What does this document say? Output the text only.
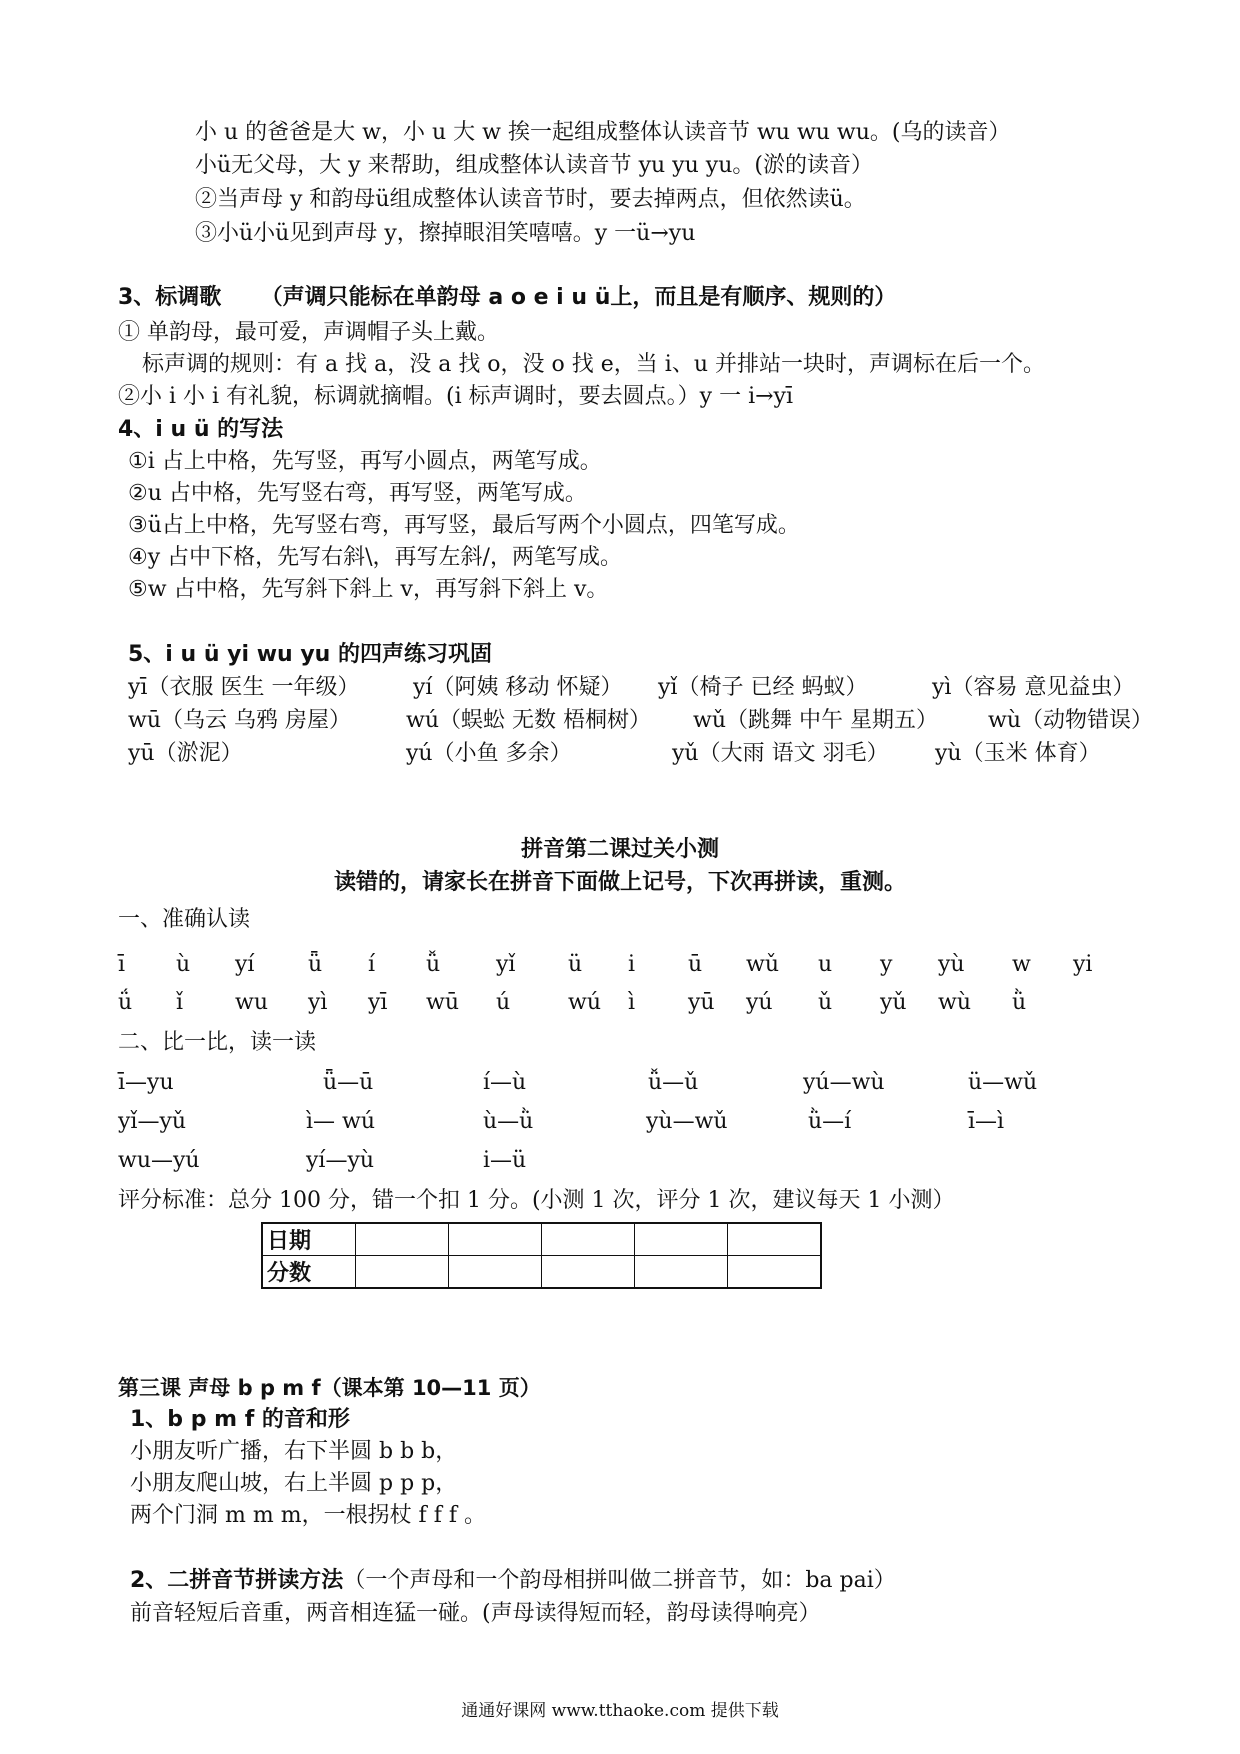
小 u 的爸爸是大 w，小 u 大 w 挨一起组成整体认读音节 wu wu wu。(乌的读音）
小ü无父母，大 y 来帮助，组成整体认读音节 yu yu yu。(淤的读音）
②当声母 y 和韵母ü组成整体认读音节时，要去掉两点，但依然读ü。
③小ü小ü见到声母 y，擦掉眼泪笑嘻嘻。y 一ü→yu
3、标调歌 （声调只能标在单韵母 a o e i u ü上，而且是有顺序、规则的）
① 单韵母，最可爱，声调帽子头上戴。
标声调的规则：有 a 找 a，没 a 找 o，没 o 找 e，当 i、u 并排站一块时，声调标在后一个。
②小 i 小 i 有礼貌，标调就摘帽。(i 标声调时，要去圆点。）y 一 i→yī
4、i u ü 的写法
①i 占上中格，先写竖，再写小圆点，两笔写成。
②u 占中格，先写竖右弯，再写竖，两笔写成。
③ü占上中格，先写竖右弯，再写竖，最后写两个小圆点，四笔写成。
④y 占中下格，先写右斜\，再写左斜/，两笔写成。
⑤w 占中格，先写斜下斜上 v，再写斜下斜上 v。
5、i u ü yi wu yu 的四声练习巩固
yī（衣服 医生 一年级） yí（阿姨 移动 怀疑） yǐ（椅子 已经 蚂蚁）	yì（容易 意见益虫）
wū（乌云 乌鸦 房屋）	wú（蜈蚣 无数 梧桐树） wǔ（跳舞 中午 星期五） wù（动物错误）
yū（淤泥）	yú（小鱼 多余）	yǔ（大雨 语文 羽毛） yù（玉米 体育）
拼音第二课过关小测
读错的，请家长在拼音下面做上记号，下次再拼读，重测。
一、准确认读
ī ù yí ǖ í ǚ	yǐ ü i ū wǔ u y yù w yi
ǘ ǐ wu yì yī wū ú	wú ì yū yú ǔ yǔ wù ǜ
二、比一比，读一读
ī—yu	ǖ—ū	í—ù	ǚ—ǔ	yú—wù	ü—wǔ
yǐ—yǔ	ì— wú	ù—ǜ	yù—wǔ	ǜ—í	ī—ì
wu—yú	yí—yù	i—ü
评分标准：总分 100 分，错一个扣 1 分。(小测 1 次，评分 1 次，建议每天 1 小测）
日期					
分数					
第三课 声母 b p m f（课本第 10—11 页）
1、b p m f 的音和形
小朋友听广播，右下半圆 b b b，
小朋友爬山坡，右上半圆 p p p，
两个门洞 m m m，一根拐杖 f f f 。
2、二拼音节拼读方法（一个声母和一个韵母相拼叫做二拼音节，如：ba pai）
前音轻短后音重，两音相连猛一碰。(声母读得短而轻，韵母读得响亮）
通通好课网 www.tthaoke.com 提供下载
